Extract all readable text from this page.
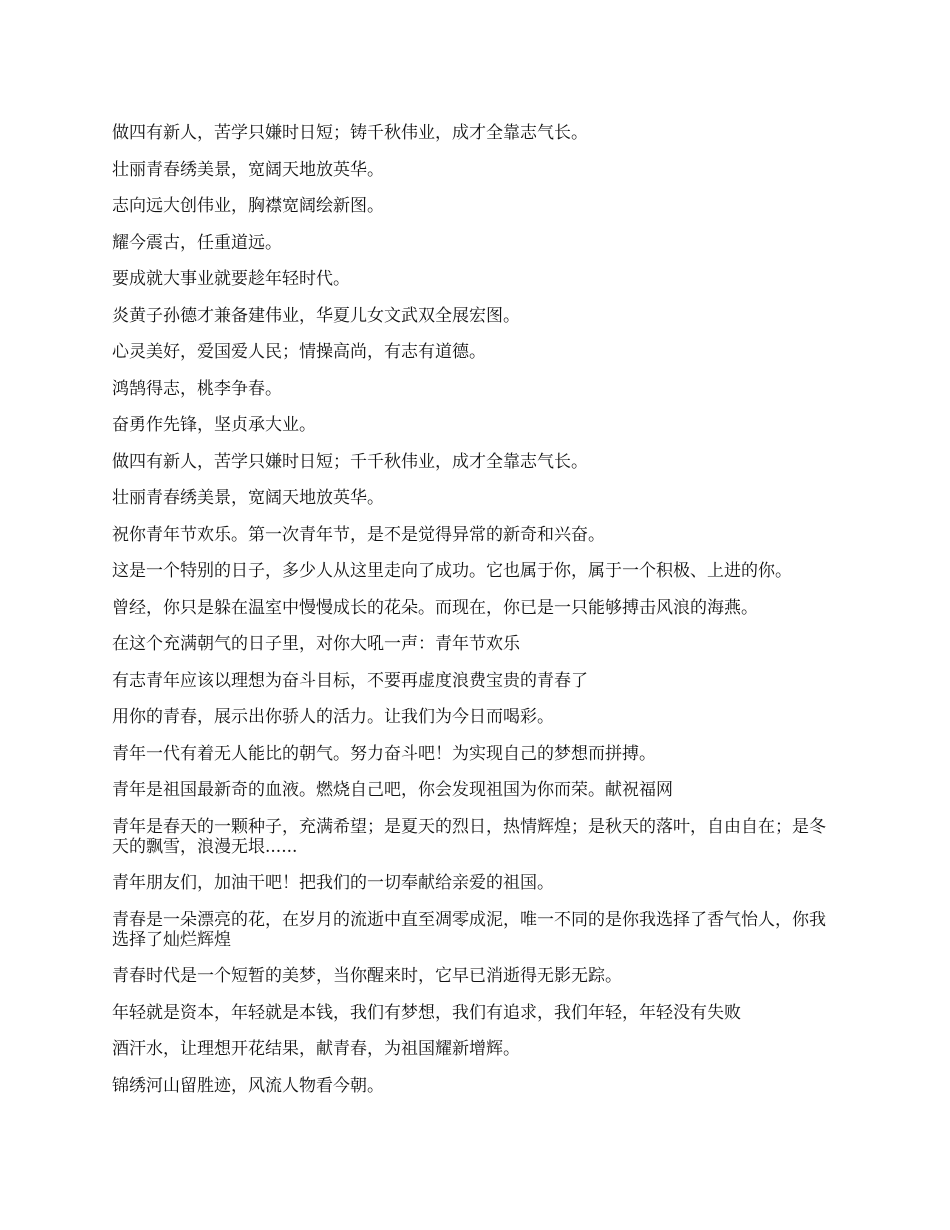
做四有新人，苦学只嫌时日短；铸千秋伟业，成才全靠志气长。

壮丽青春绣美景，宽阔天地放英华。

志向远大创伟业，胸襟宽阔绘新图。

耀今震古，任重道远。

要成就大事业就要趁年轻时代。

炎黄子孙德才兼备建伟业，华夏儿女文武双全展宏图。

心灵美好，爱国爱人民；情操高尚，有志有道德。

鸿鹄得志，桃李争春。

奋勇作先锋，坚贞承大业。

做四有新人，苦学只嫌时日短；千千秋伟业，成才全靠志气长。

壮丽青春绣美景，宽阔天地放英华。

祝你青年节欢乐。第一次青年节，是不是觉得异常的新奇和兴奋。

这是一个特别的日子，多少人从这里走向了成功。它也属于你，属于一个积极、上进的你。

曾经，你只是躲在温室中慢慢成长的花朵。而现在，你已是一只能够搏击风浪的海燕。

在这个充满朝气的日子里，对你大吼一声：青年节欢乐

有志青年应该以理想为奋斗目标，不要再虚度浪费宝贵的青春了

用你的青春，展示出你骄人的活力。让我们为今日而喝彩。

青年一代有着无人能比的朝气。努力奋斗吧！为实现自己的梦想而拼搏。

青年是祖国最新奇的血液。燃烧自己吧，你会发现祖国为你而荣。献祝福网

青年是春天的一颗种子，充满希望；是夏天的烈日，热情辉煌；是秋天的落叶，自由自在；是冬天的飘雪，浪漫无垠......

青年朋友们，加油干吧！把我们的一切奉献给亲爱的祖国。

青春是一朵漂亮的花，在岁月的流逝中直至凋零成泥，唯一不同的是你我选择了香气怡人，你我选择了灿烂辉煌

青春时代是一个短暂的美梦，当你醒来时，它早已消逝得无影无踪。

年轻就是资本，年轻就是本钱，我们有梦想，我们有追求，我们年轻，年轻没有失败

酒汗水，让理想开花结果，献青春，为祖国耀新增辉。

锦绣河山留胜迹，风流人物看今朝。
